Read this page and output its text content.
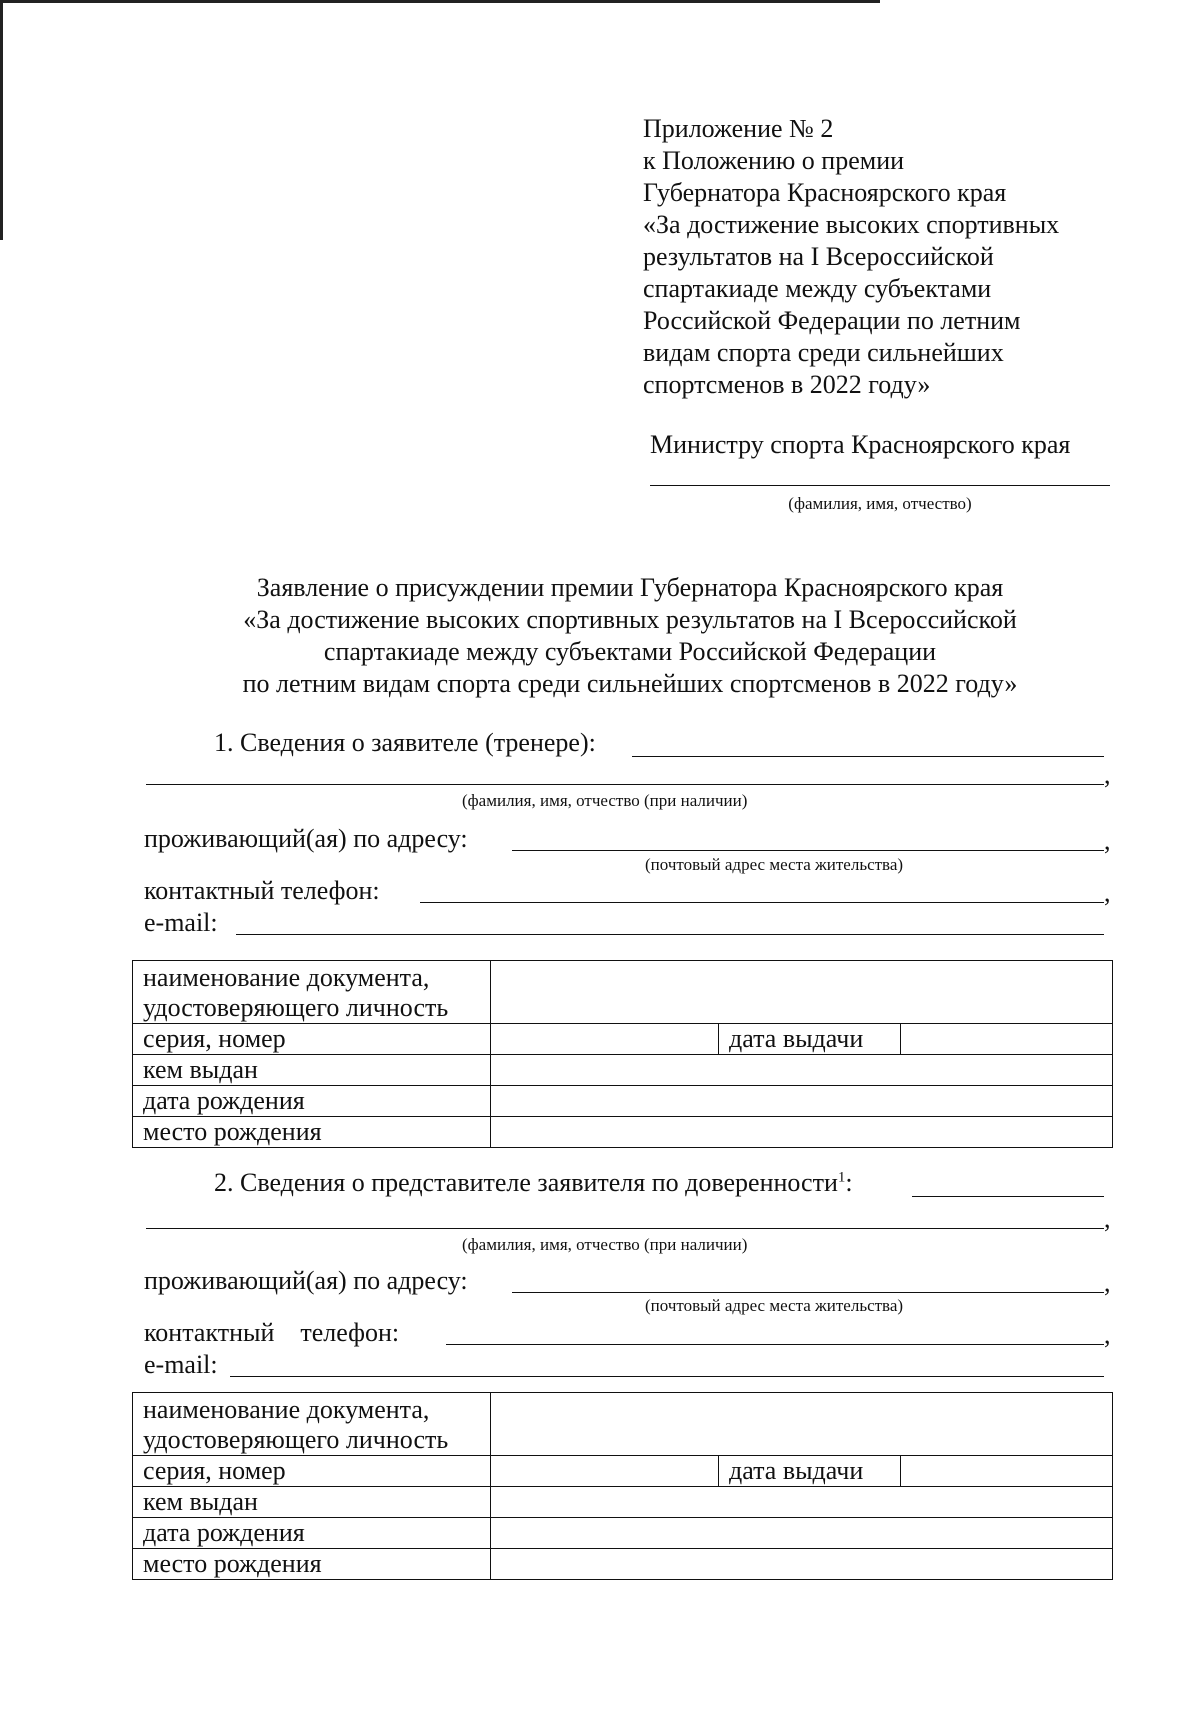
Приложение № 2
к Положению о премии
Губернатора Красноярского края
«За достижение высоких спортивных
результатов на I Всероссийской
спартакиаде между субъектами
Российской Федерации по летним
видам спорта среди сильнейших
спортсменов в 2022 году»
Министру спорта Красноярского края
(фамилия, имя, отчество)
Заявление о присуждении премии Губернатора Красноярского края
«За достижение высоких спортивных результатов на I Всероссийской
спартакиаде между субъектами Российской Федерации
по летним видам спорта среди сильнейших спортсменов в 2022 году»
1. Сведения о заявителе (тренере):
,
(фамилия, имя, отчество (при наличии)
проживающий(ая) по адресу:	,
(почтовый адрес места жительства)
контактный телефон:	,
e-mail:
наименование документа,
удостоверяющего личность			
серия, номер		дата выдачи	
кем выдан			
дата рождения			
место рождения			
2. Сведения о представителе заявителя по доверенности$^1$:
,
(фамилия, имя, отчество (при наличии)
проживающий(ая) по адресу:	,
(почтовый адрес места жительства)
контактный    телефон:	,
e-mail:
наименование документа,
удостоверяющего личность			
серия, номер		дата выдачи	
кем выдан			
дата рождения			
место рождения			
